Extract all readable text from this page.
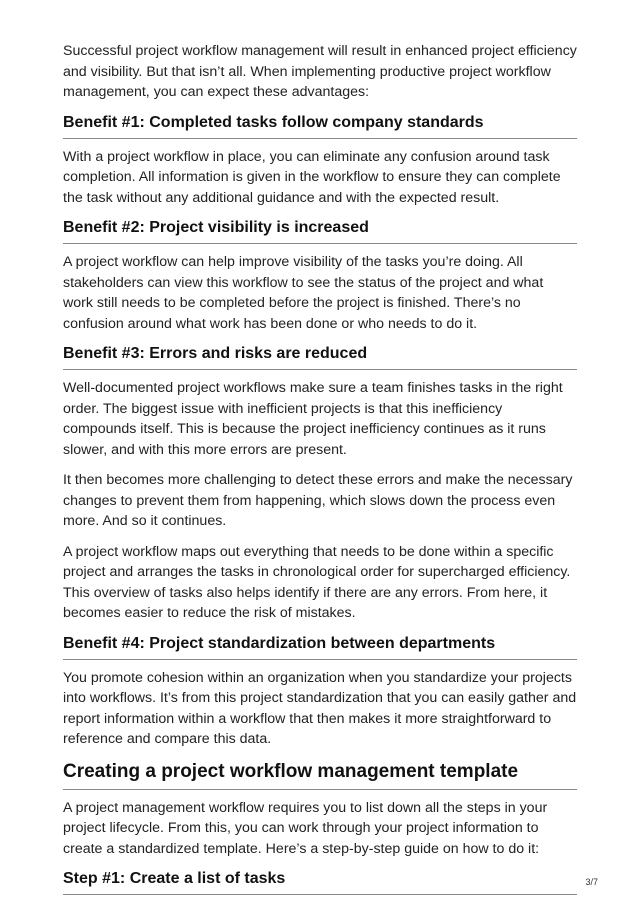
Successful project workflow management will result in enhanced project efficiency and visibility. But that isn’t all. When implementing productive project workflow management, you can expect these advantages:

Benefit #1: Completed tasks follow company standards

With a project workflow in place, you can eliminate any confusion around task completion. All information is given in the workflow to ensure they can complete the task without any additional guidance and with the expected result.

Benefit #2: Project visibility is increased

A project workflow can help improve visibility of the tasks you’re doing. All stakeholders can view this workflow to see the status of the project and what work still needs to be completed before the project is finished. There’s no confusion around what work has been done or who needs to do it.

Benefit #3: Errors and risks are reduced

Well-documented project workflows make sure a team finishes tasks in the right order. The biggest issue with inefficient projects is that this inefficiency compounds itself. This is because the project inefficiency continues as it runs slower, and with this more errors are present.

It then becomes more challenging to detect these errors and make the necessary changes to prevent them from happening, which slows down the process even more. And so it continues.

A project workflow maps out everything that needs to be done within a specific project and arranges the tasks in chronological order for supercharged efficiency. This overview of tasks also helps identify if there are any errors. From here, it becomes easier to reduce the risk of mistakes.

Benefit #4: Project standardization between departments

You promote cohesion within an organization when you standardize your projects into workflows. It’s from this project standardization that you can easily gather and report information within a workflow that then makes it more straightforward to reference and compare this data.

Creating a project workflow management template

A project management workflow requires you to list down all the steps in your project lifecycle. From this, you can work through your project information to create a standardized template. Here’s a step-by-step guide on how to do it:

Step #1: Create a list of tasks	3/7
